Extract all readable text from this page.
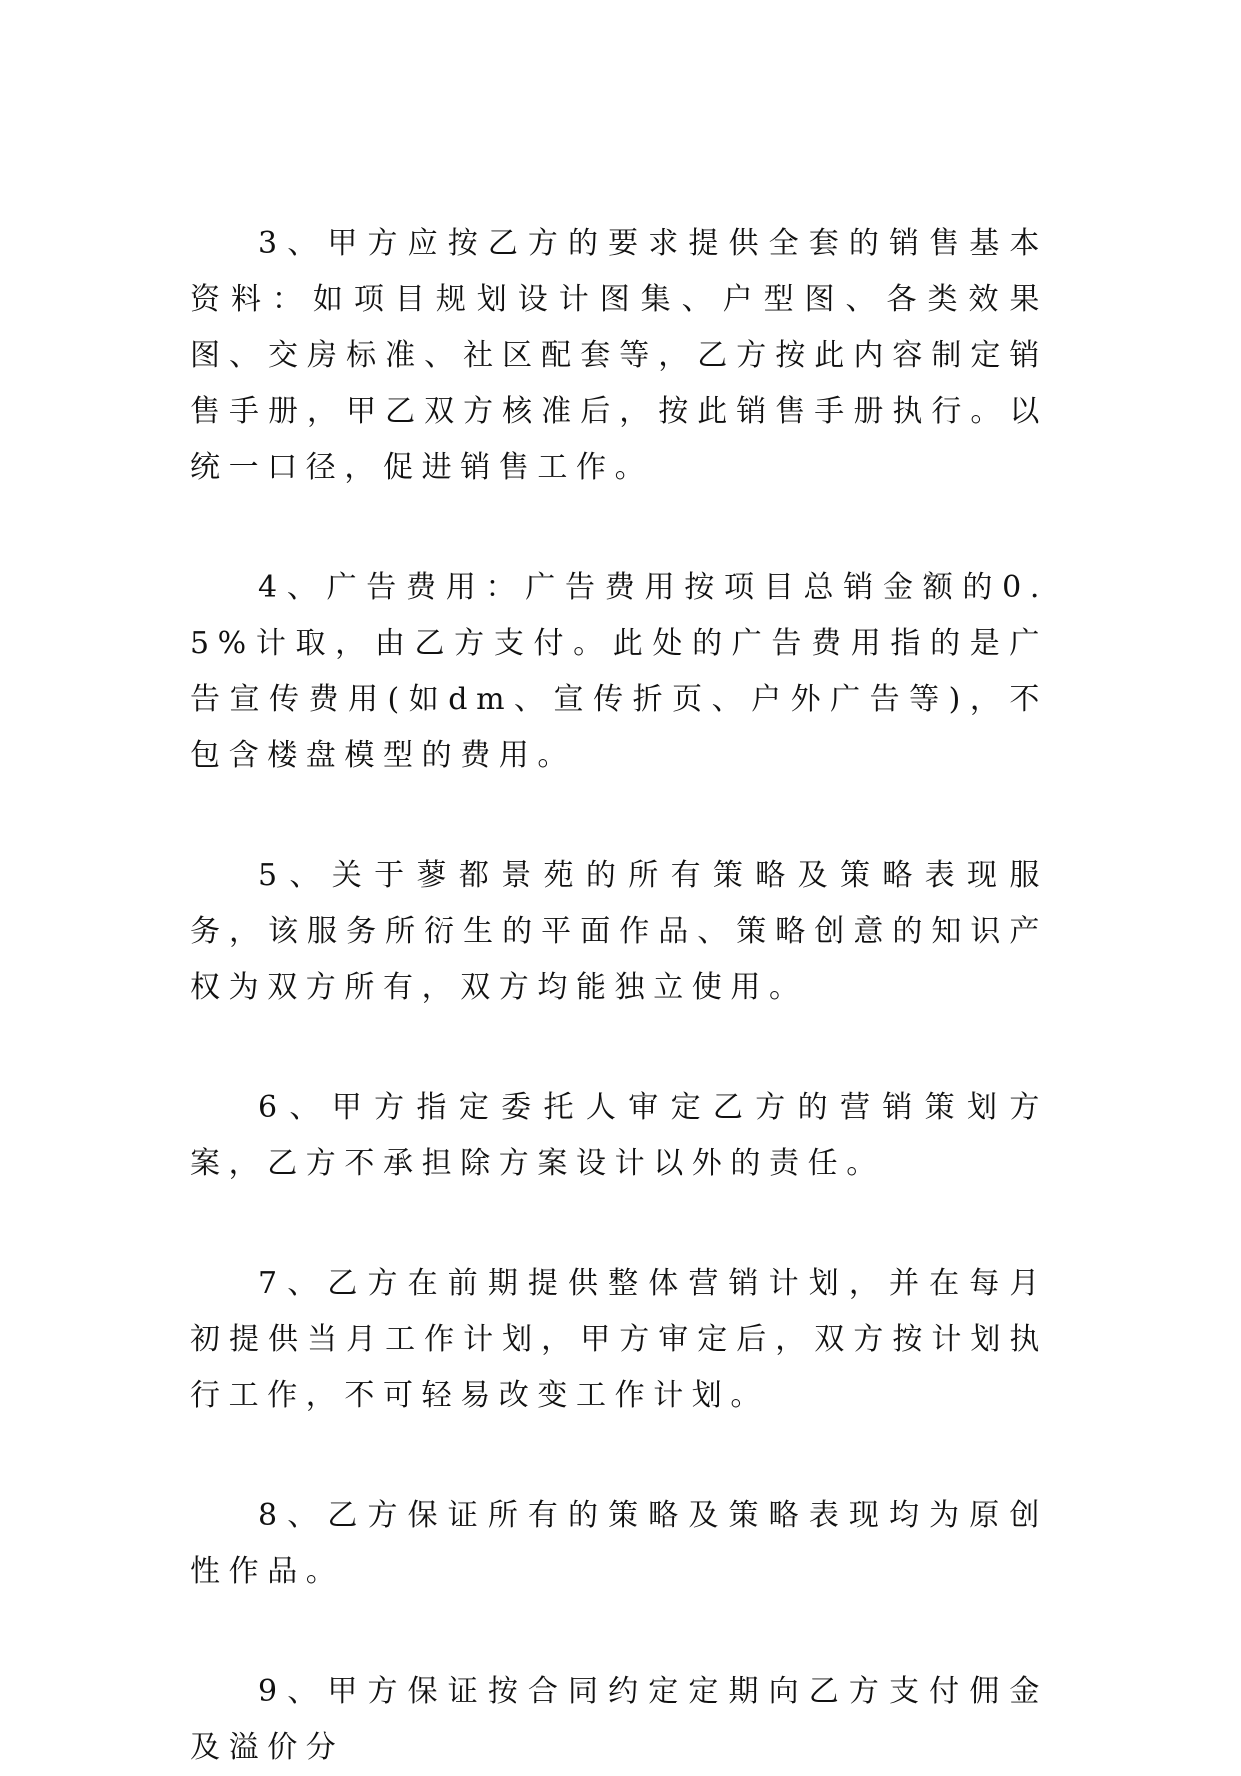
3、甲方应按乙方的要求提供全套的销售基本资料：如项目规划设计图集、户型图、各类效果图、交房标准、社区配套等，乙方按此内容制定销售手册，甲乙双方核准后，按此销售手册执行。以统一口径，促进销售工作。

4、广告费用：广告费用按项目总销金额的0.5%计取，由乙方支付。此处的广告费用指的是广告宣传费用(如dm、宣传折页、户外广告等)，不包含楼盘模型的费用。

5、关于蓼都景苑的所有策略及策略表现服务，该服务所衍生的平面作品、策略创意的知识产权为双方所有，双方均能独立使用。

6、甲方指定委托人审定乙方的营销策划方案，乙方不承担除方案设计以外的责任。

7、乙方在前期提供整体营销计划，并在每月初提供当月工作计划，甲方审定后，双方按计划执行工作，不可轻易改变工作计划。

8、乙方保证所有的策略及策略表现均为原创性作品。

9、甲方保证按合同约定定期向乙方支付佣金及溢价分
